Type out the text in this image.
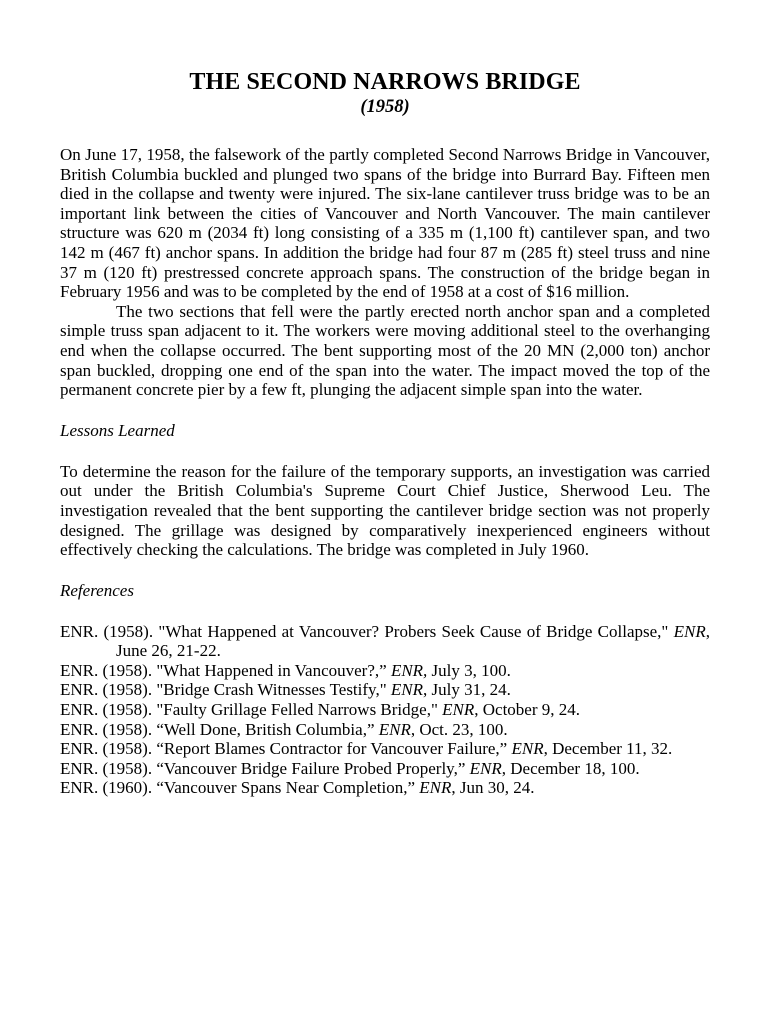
THE SECOND NARROWS BRIDGE
(1958)

On June 17, 1958, the falsework of the partly completed Second Narrows Bridge in Vancouver, British Columbia buckled and plunged two spans of the bridge into Burrard Bay. Fifteen men died in the collapse and twenty were injured. The six-lane cantilever truss bridge was to be an important link between the cities of Vancouver and North Vancouver. The main cantilever structure was 620 m (2034 ft) long consisting of a 335 m (1,100 ft) cantilever span, and two 142 m (467 ft) anchor spans. In addition the bridge had four 87 m (285 ft) steel truss and nine 37 m (120 ft) prestressed concrete approach spans. The construction of the bridge began in February 1956 and was to be completed by the end of 1958 at a cost of $16 million.

The two sections that fell were the partly erected north anchor span and a completed simple truss span adjacent to it. The workers were moving additional steel to the overhanging end when the collapse occurred. The bent supporting most of the 20 MN (2,000 ton) anchor span buckled, dropping one end of the span into the water. The impact moved the top of the permanent concrete pier by a few ft, plunging the adjacent simple span into the water.

Lessons Learned

To determine the reason for the failure of the temporary supports, an investigation was carried out under the British Columbia's Supreme Court Chief Justice, Sherwood Leu. The investigation revealed that the bent supporting the cantilever bridge section was not properly designed. The grillage was designed by comparatively inexperienced engineers without effectively checking the calculations. The bridge was completed in July 1960.

References
ENR. (1958). "What Happened at Vancouver? Probers Seek Cause of Bridge Collapse," ENR, June 26, 21-22.
ENR. (1958). "What Happened in Vancouver?,” ENR, July 3, 100.
ENR. (1958). "Bridge Crash Witnesses Testify," ENR, July 31, 24.
ENR. (1958). "Faulty Grillage Felled Narrows Bridge," ENR, October 9, 24.
ENR. (1958). “Well Done, British Columbia,” ENR, Oct. 23, 100.
ENR. (1958). “Report Blames Contractor for Vancouver Failure,” ENR, December 11, 32.
ENR. (1958). “Vancouver Bridge Failure Probed Properly,” ENR, December 18, 100.
ENR. (1960). “Vancouver Spans Near Completion,” ENR, Jun 30, 24.
